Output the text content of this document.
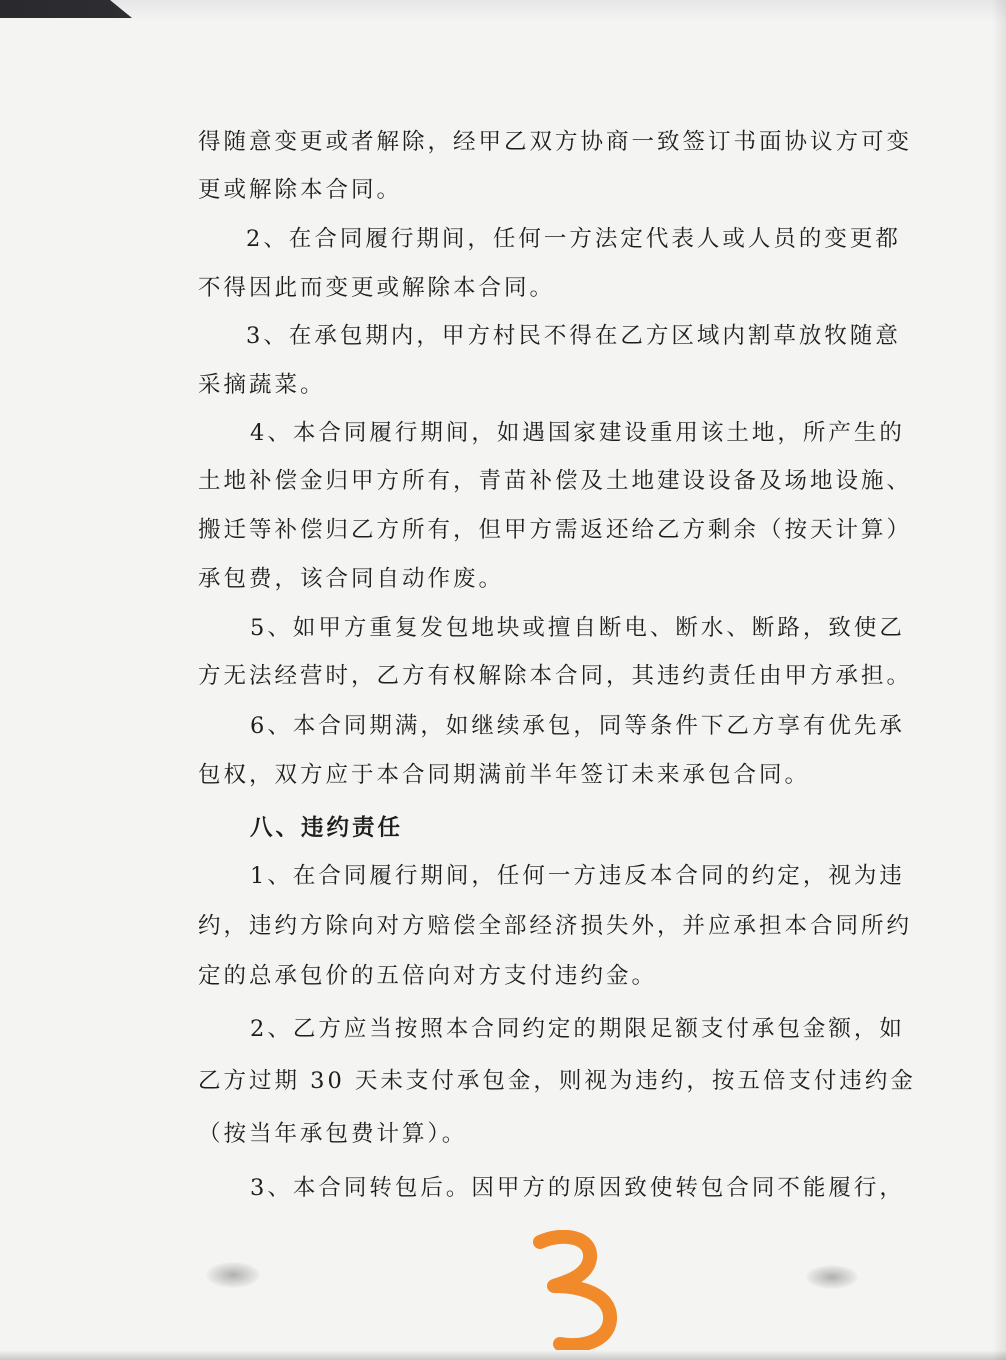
得随意变更或者解除，经甲乙双方协商一致签订书面协议方可变
更或解除本合同。
2、在合同履行期间，任何一方法定代表人或人员的变更都
不得因此而变更或解除本合同。
3、在承包期内，甲方村民不得在乙方区域内割草放牧随意
采摘蔬菜。
4、本合同履行期间，如遇国家建设重用该土地，所产生的
土地补偿金归甲方所有，青苗补偿及土地建设设备及场地设施、
搬迁等补偿归乙方所有，但甲方需返还给乙方剩余（按天计算）
承包费，该合同自动作废。
5、如甲方重复发包地块或擅自断电、断水、断路，致使乙
方无法经营时，乙方有权解除本合同，其违约责任由甲方承担。
6、本合同期满，如继续承包，同等条件下乙方享有优先承
包权，双方应于本合同期满前半年签订未来承包合同。
八、违约责任
1、在合同履行期间，任何一方违反本合同的约定，视为违
约，违约方除向对方赔偿全部经济损失外，并应承担本合同所约
定的总承包价的五倍向对方支付违约金。
2、乙方应当按照本合同约定的期限足额支付承包金额，如
乙方过期 30 天未支付承包金，则视为违约，按五倍支付违约金
（按当年承包费计算）。
3、本合同转包后。因甲方的原因致使转包合同不能履行，
